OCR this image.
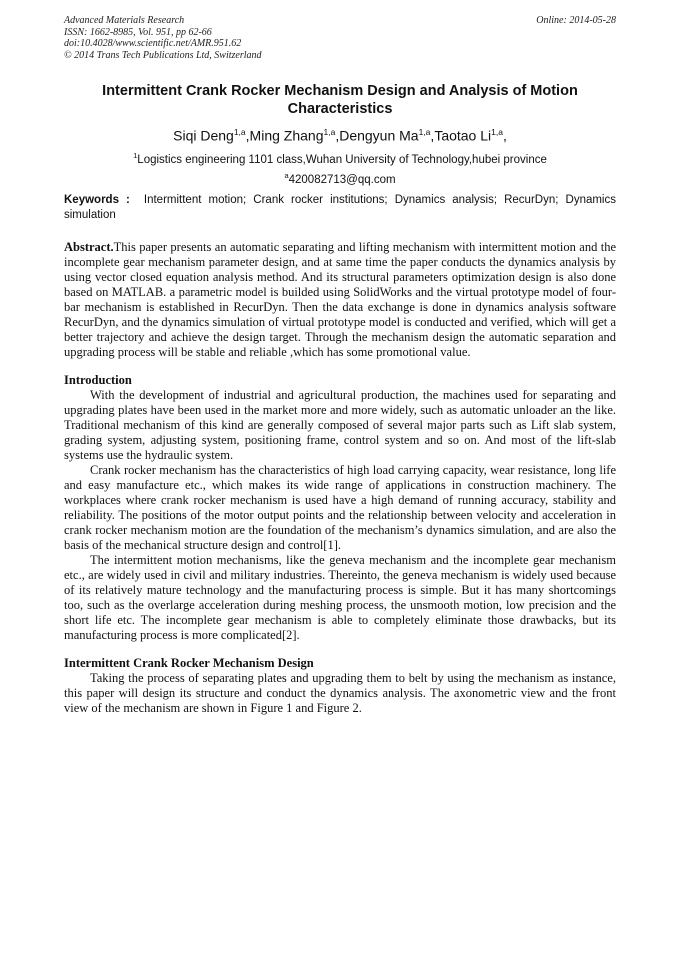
Advanced Materials Research
ISSN: 1662-8985, Vol. 951, pp 62-66
doi:10.4028/www.scientific.net/AMR.951.62
© 2014 Trans Tech Publications Ltd, Switzerland
Online: 2014-05-28
Intermittent Crank Rocker Mechanism Design and Analysis of Motion Characteristics
Siqi Deng$^{1,a}$,Ming Zhang$^{1,a}$,Dengyun Ma$^{1,a}$,Taotao Li$^{1,a}$,
$^1$Logistics engineering 1101 class,Wuhan University of Technology,hubei province
$^a$420082713@qq.com
Keywords : Intermittent motion; Crank rocker institutions; Dynamics analysis; RecurDyn; Dynamics simulation

Abstract.This paper presents an automatic separating and lifting mechanism with intermittent motion and the incomplete gear mechanism parameter design, and at same time the paper conducts the dynamics analysis by using vector closed equation analysis method. And its structural parameters optimization design is also done based on MATLAB. a parametric model is builded using SolidWorks and the virtual prototype model of four-bar mechanism is established in RecurDyn. Then the data exchange is done in dynamics analysis software RecurDyn, and the dynamics simulation of virtual prototype model is conducted and verified, which will get a better trajectory and achieve the design target. Through the mechanism design the automatic separation and upgrading process will be stable and reliable ,which has some promotional value.

Introduction

With the development of industrial and agricultural production, the machines used for separating and upgrading plates have been used in the market more and more widely, such as automatic unloader an the like. Traditional mechanism of this kind are generally composed of several major parts such as Lift slab system, grading system, adjusting system, positioning frame, control system and so on. And most of the lift-slab systems use the hydraulic system.

Crank rocker mechanism has the characteristics of high load carrying capacity, wear resistance, long life and easy manufacture etc., which makes its wide range of applications in construction machinery. The workplaces where crank rocker mechanism is used have a high demand of running accuracy, stability and reliability. The positions of the motor output points and the relationship between velocity and acceleration in crank rocker mechanism motion are the foundation of the mechanism’s dynamics simulation, and are also the basis of the mechanical structure design and control[1].

The intermittent motion mechanisms, like the geneva mechanism and the incomplete gear mechanism etc., are widely used in civil and military industries. Thereinto, the geneva mechanism is widely used because of its relatively mature technology and the manufacturing process is simple. But it has many shortcomings too, such as the overlarge acceleration during meshing process, the unsmooth motion, low precision and the short life etc. The incomplete gear mechanism is able to completely eliminate those drawbacks, but its manufacturing process is more complicated[2].

Intermittent Crank Rocker Mechanism Design

Taking the process of separating plates and upgrading them to belt by using the mechanism as instance, this paper will design its structure and conduct the dynamics analysis. The axonometric view and the front view of the mechanism are shown in Figure 1 and Figure 2.
